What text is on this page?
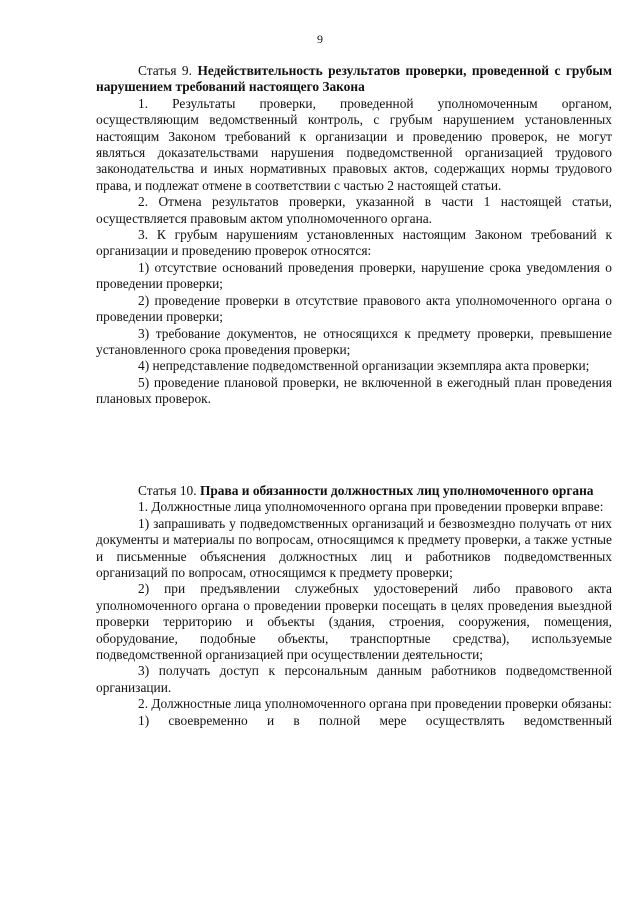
9

Статья 9. Недействительность результатов проверки, проведенной с грубым нарушением требований настоящего Закона

1. Результаты проверки, проведенной уполномоченным органом, осуществляющим ведомственный контроль, с грубым нарушением установленных настоящим Законом требований к организации и проведению проверок, не могут являться доказательствами нарушения подведомственной организацией трудового законодательства и иных нормативных правовых актов, содержащих нормы трудового права, и подлежат отмене в соответствии с частью 2 настоящей статьи.

2. Отмена результатов проверки, указанной в части 1 настоящей статьи, осуществляется правовым актом уполномоченного органа.

3. К грубым нарушениям установленных настоящим Законом требований к организации и проведению проверок относятся:

1) отсутствие оснований проведения проверки, нарушение срока уведомления о проведении проверки;

2) проведение проверки в отсутствие правового акта уполномоченного органа о проведении проверки;

3) требование документов, не относящихся к предмету проверки, превышение установленного срока проведения проверки;

4) непредставление подведомственной организации экземпляра акта проверки;

5) проведение плановой проверки, не включенной в ежегодный план проведения плановых проверок.

Статья 10. Права и обязанности должностных лиц уполномоченного органа

1. Должностные лица уполномоченного органа при проведении проверки вправе:

1) запрашивать у подведомственных организаций и безвозмездно получать от них документы и материалы по вопросам, относящимся к предмету проверки, а также устные и письменные объяснения должностных лиц и работников подведомственных организаций по вопросам, относящимся к предмету проверки;

2) при предъявлении служебных удостоверений либо правового акта уполномоченного органа о проведении проверки посещать в целях проведения выездной проверки территорию и объекты (здания, строения, сооружения, помещения, оборудование, подобные объекты, транспортные средства), используемые подведомственной организацией при осуществлении деятельности;

3) получать доступ к персональным данным работников подведомственной организации.

2. Должностные лица уполномоченного органа при проведении проверки обязаны:

1) своевременно и в полной мере осуществлять ведомственный
